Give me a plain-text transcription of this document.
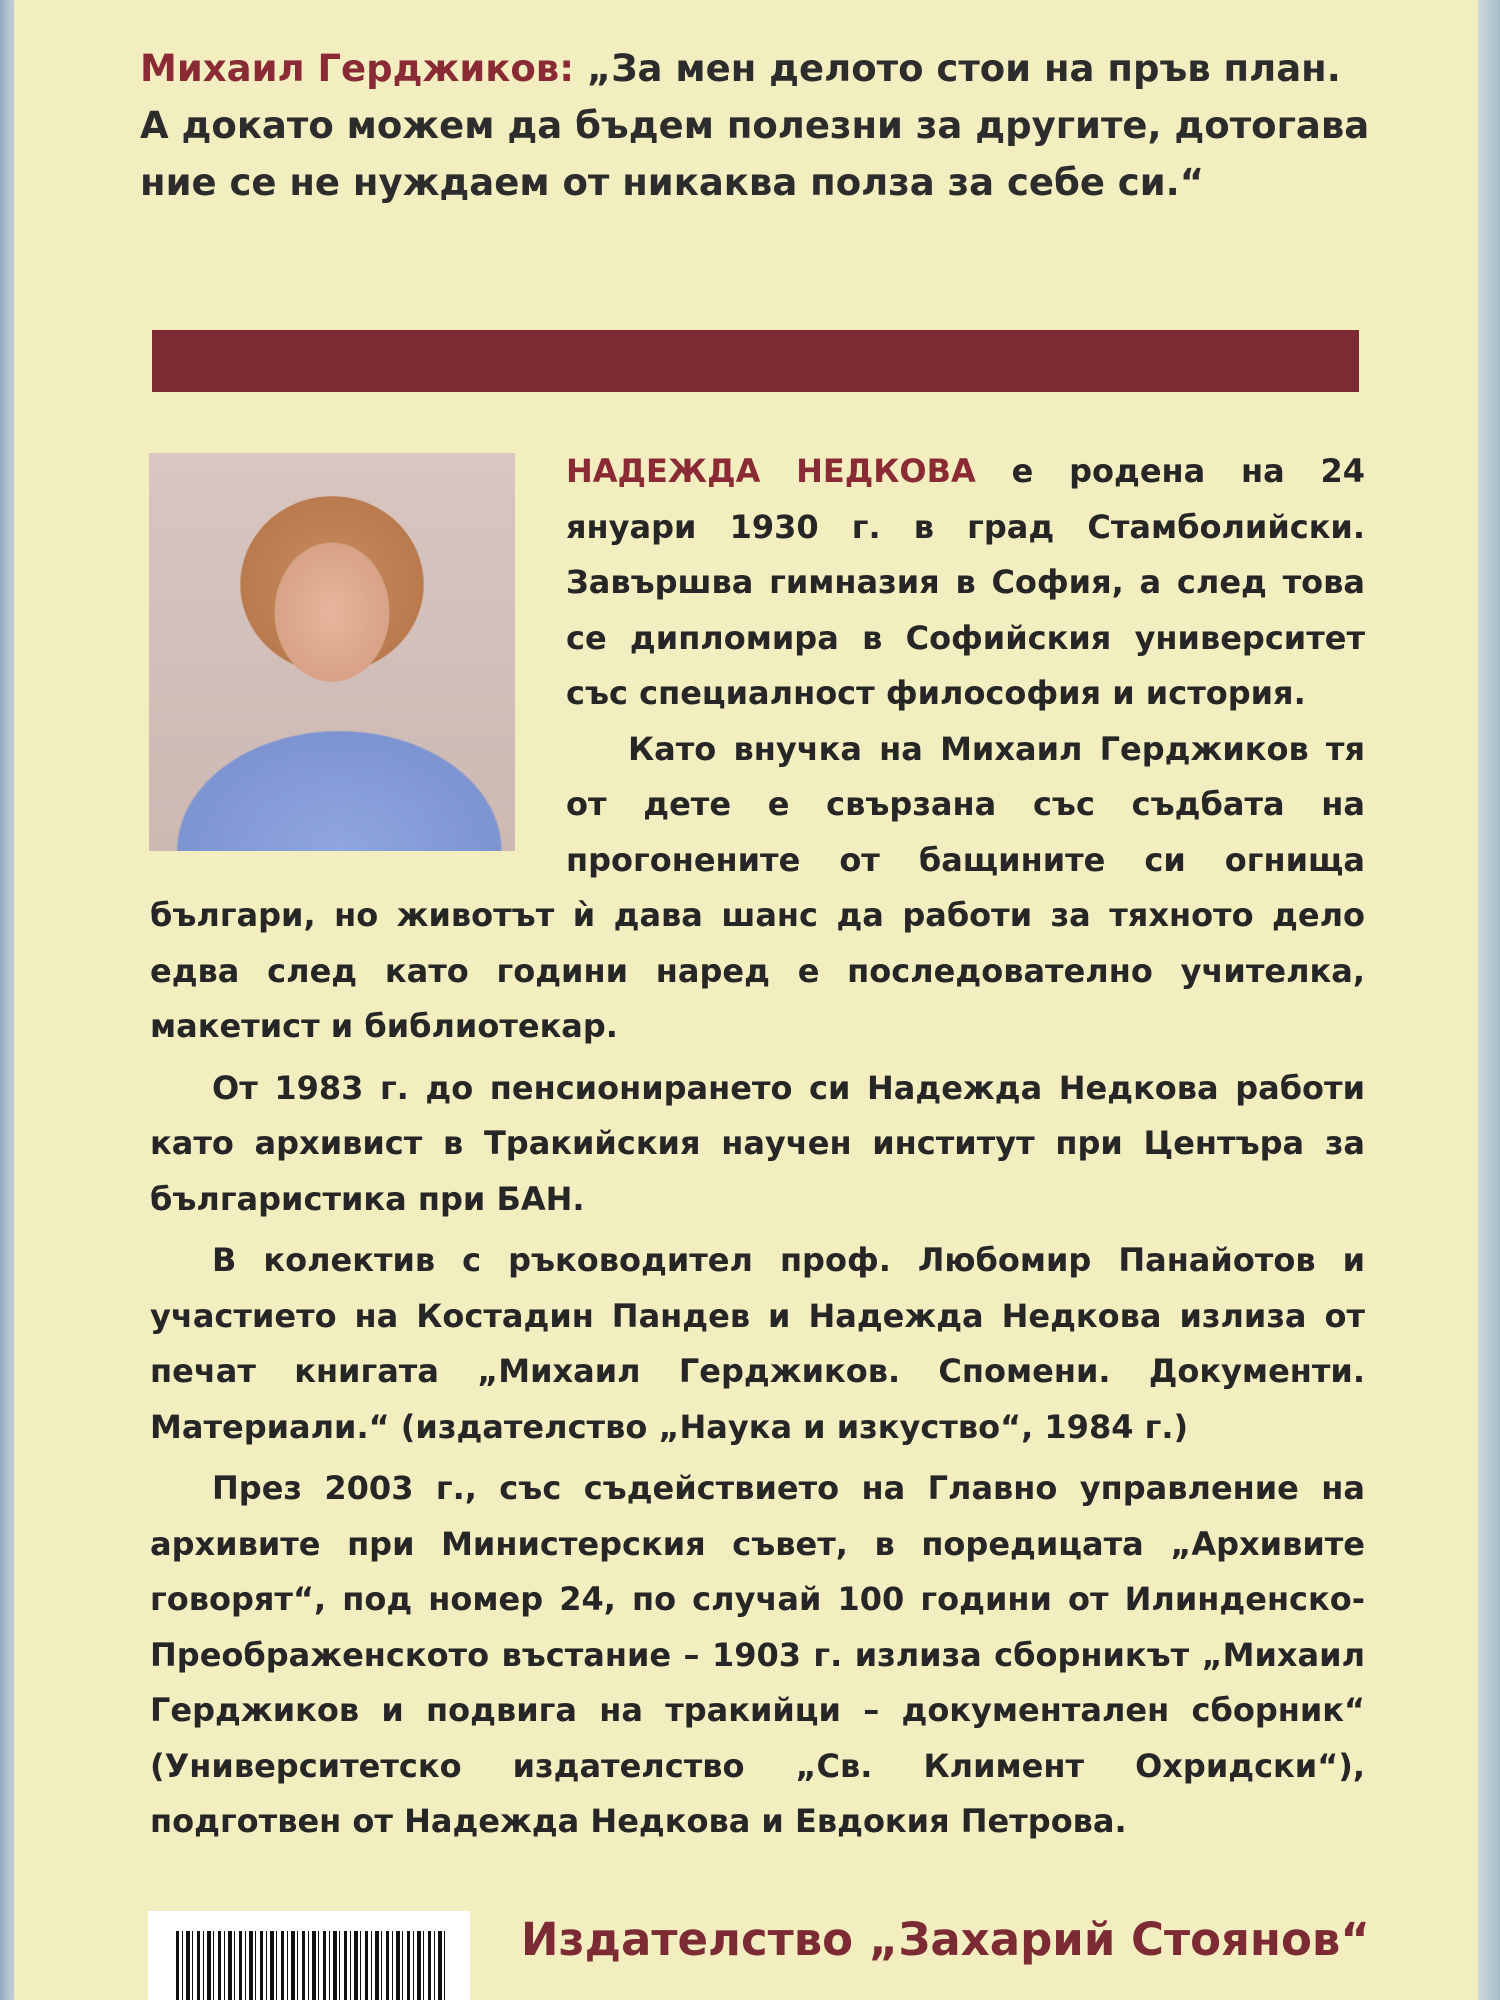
Михаил Герджиков: „За мен делото стои на пръв план. А докато можем да бъдем полезни за другите, дотогава ние се не нуждаем от никаква полза за себе си.“

НАДЕЖДА НЕДКОВА е родена на 24 януари 1930 г. в град Стамболийски. Завършва гимназия в София, а след това се дипломира в Софийския университет със специалност философия и история.

Като внучка на Михаил Герджиков тя от дете е свързана със съдбата на прогонените от бащините си огнища българи, но животът ѝ дава шанс да работи за тяхното дело едва след като години наред е последователно учителка, макетист и библиотекар.

От 1983 г. до пенсионирането си Надежда Недкова работи като архивист в Тракийския научен институт при Центъра за българистика при БАН.

В колектив с ръководител проф. Любомир Панайотов и участието на Костадин Пандев и Надежда Недкова излиза от печат книгата „Михаил Герджиков. Спомени. Документи. Материали.“ (издателство „Наука и изкуство“, 1984 г.)

През 2003 г., със съдействието на Главно управление на архивите при Министерския съвет, в поредицата „Архивите говорят“, под номер 24, по случай 100 години от Илинденско-Преображенското въстание – 1903 г. излиза сборникът „Михаил Герджиков и подвига на тракийци – документален сборник“ (Университетско издателство „Св. Климент Охридски“), подготвен от Надежда Недкова и Евдокия Петрова.

Издателство „Захарий Стоянов“
